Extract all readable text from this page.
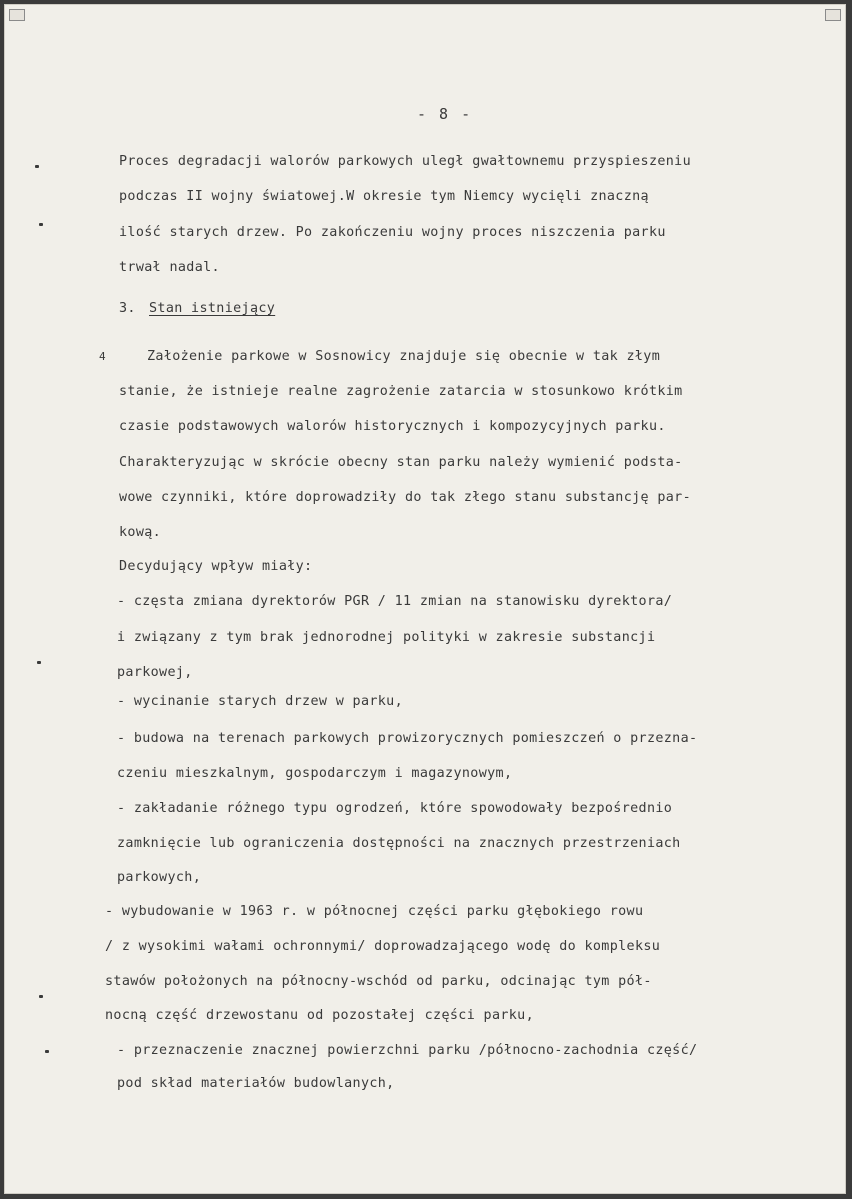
- 8 -
Proces degradacji walorów parkowych uległ gwałtownemu przyspieszeniu
podczas II wojny światowej.W okresie tym Niemcy wycięli znaczną
ilość starych drzew. Po zakończeniu wojny proces niszczenia parku
trwał nadal.
3. Stan istniejący
4	Założenie parkowe w Sosnowicy znajduje się obecnie w tak złym
stanie, że istnieje realne zagrożenie zatarcia w stosunkowo krótkim
czasie podstawowych walorów historycznych i kompozycyjnych parku.
Charakteryzując w skrócie obecny stan parku należy wymienić podsta-
wowe czynniki, które doprowadziły do tak złego stanu substancję par-
kową.
Decydujący wpływ miały:
- częsta zmiana dyrektorów PGR / 11 zmian na stanowisku dyrektora/
i związany z tym brak jednorodnej polityki w zakresie substancji
parkowej,
- wycinanie starych drzew w parku,
- budowa na terenach parkowych prowizorycznych pomieszczeń o przezna-
czeniu mieszkalnym, gospodarczym i magazynowym,
- zakładanie różnego typu ogrodzeń, które spowodowały bezpośrednio
zamknięcie lub ograniczenia dostępności na znacznych przestrzeniach
parkowych,
- wybudowanie w 1963 r. w północnej części parku głębokiego rowu
/ z wysokimi wałami ochronnymi/ doprowadzającego wodę do kompleksu
stawów położonych na północny-wschód od parku, odcinając tym pół-
nocną część drzewostanu od pozostałej części parku,
- przeznaczenie znacznej powierzchni parku /północno-zachodnia część/
pod skład materiałów budowlanych,
